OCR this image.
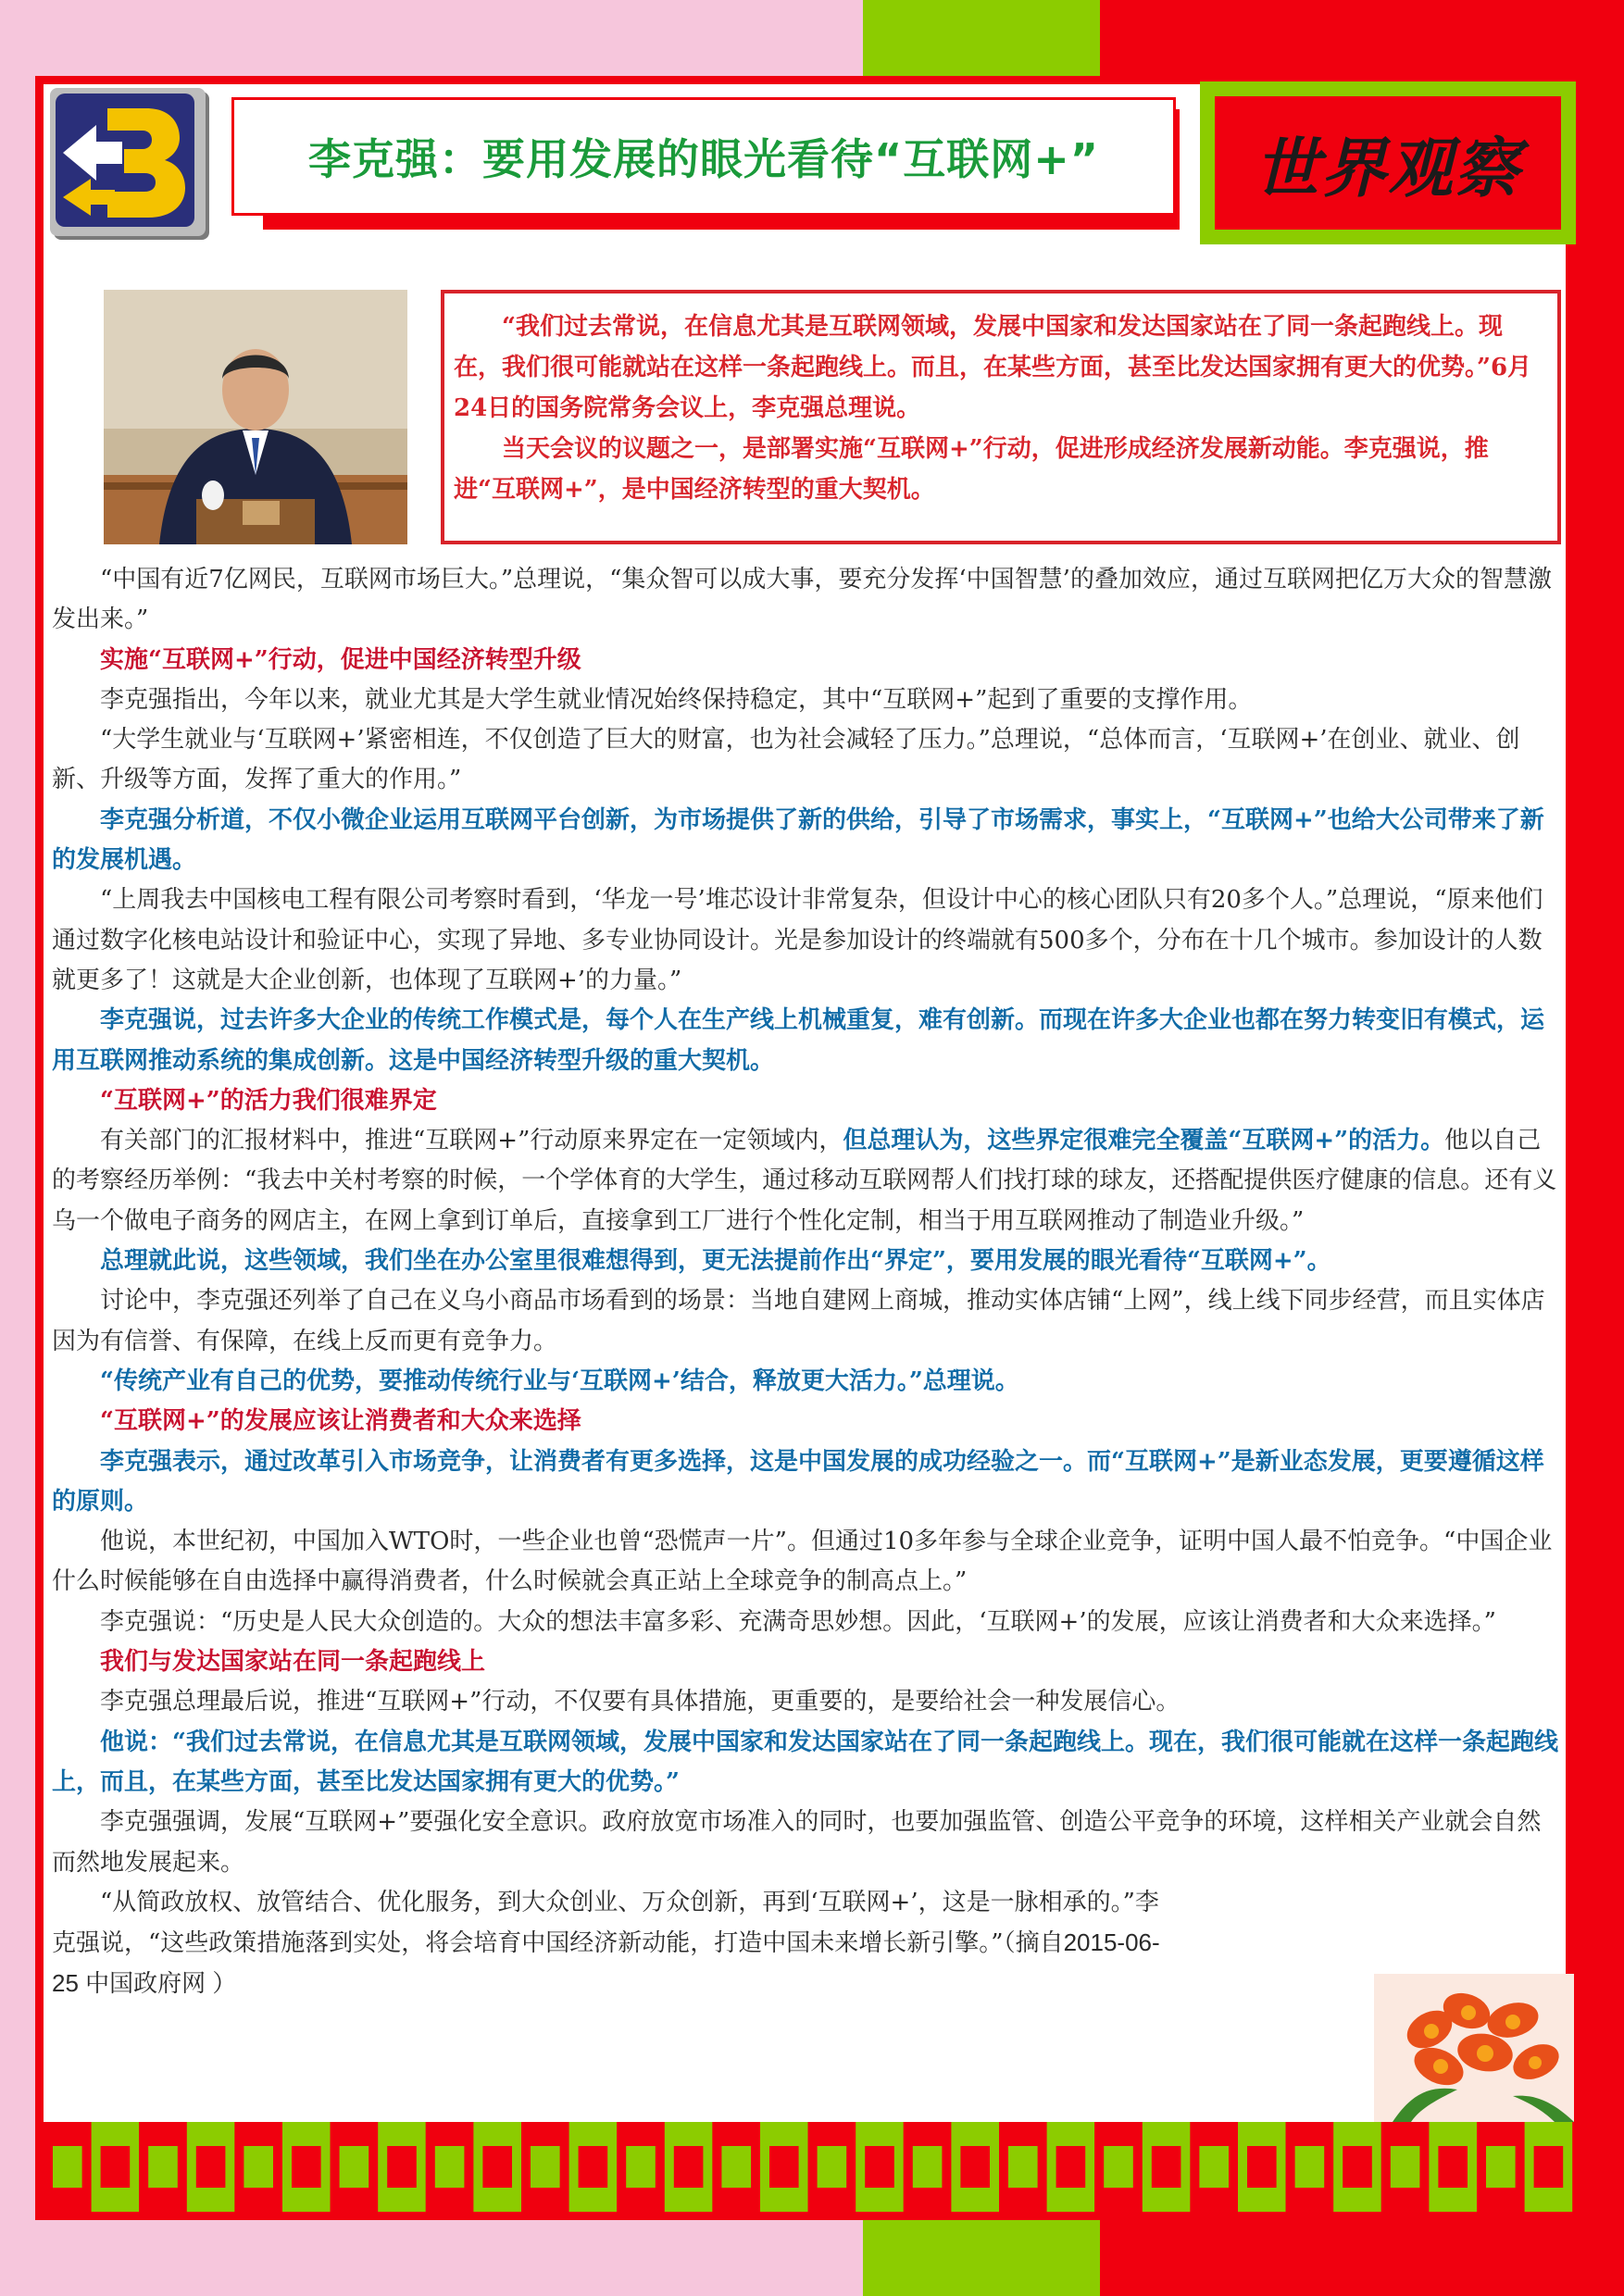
李克强：要用发展的眼光看待“互联网+” 世界观察

“我们过去常说，在信息尤其是互联网领域，发展中国家和发达国家站在了同一条起跑线上。现在，我们很可能就站在这样一条起跑线上。而且，在某些方面，甚至比发达国家拥有更大的优势。”6月24日的国务院常务会议上，李克强总理说。

当天会议的议题之一，是部署实施“互联网+”行动，促进形成经济发展新动能。李克强说，推进“互联网+”，是中国经济转型的重大契机。

“中国有近7亿网民，互联网市场巨大。”总理说，“集众智可以成大事，要充分发挥‘中国智慧’的叠加效应，通过互联网把亿万大众的智慧激发出来。”

实施“互联网+”行动，促进中国经济转型升级

李克强指出，今年以来，就业尤其是大学生就业情况始终保持稳定，其中“互联网+”起到了重要的支撑作用。

“大学生就业与‘互联网+’紧密相连，不仅创造了巨大的财富，也为社会减轻了压力。”总理说，“总体而言，‘互联网+’在创业、就业、创新、升级等方面，发挥了重大的作用。”

李克强分析道，不仅小微企业运用互联网平台创新，为市场提供了新的供给，引导了市场需求，事实上，“互联网+”也给大公司带来了新的发展机遇。

“上周我去中国核电工程有限公司考察时看到，‘华龙一号’堆芯设计非常复杂，但设计中心的核心团队只有20多个人。”总理说，“原来他们通过数字化核电站设计和验证中心，实现了异地、多专业协同设计。光是参加设计的终端就有500多个，分布在十几个城市。参加设计的人数就更多了！这就是大企业创新，也体现了互联网+’的力量。”

李克强说，过去许多大企业的传统工作模式是，每个人在生产线上机械重复，难有创新。而现在许多大企业也都在努力转变旧有模式，运用互联网推动系统的集成创新。这是中国经济转型升级的重大契机。

“互联网+”的活力我们很难界定

有关部门的汇报材料中，推进“互联网+”行动原来界定在一定领域内，但总理认为，这些界定很难完全覆盖“互联网+”的活力。他以自己的考察经历举例：“我去中关村考察的时候，一个学体育的大学生，通过移动互联网帮人们找打球的球友，还搭配提供医疗健康的信息。还有义乌一个做电子商务的网店主，在网上拿到订单后，直接拿到工厂进行个性化定制，相当于用互联网推动了制造业升级。”

总理就此说，这些领域，我们坐在办公室里很难想得到，更无法提前作出“界定”，要用发展的眼光看待“互联网+”。

讨论中，李克强还列举了自己在义乌小商品市场看到的场景：当地自建网上商城，推动实体店铺“上网”，线上线下同步经营，而且实体店因为有信誉、有保障，在线上反而更有竞争力。

“传统产业有自己的优势，要推动传统行业与‘互联网+’结合，释放更大活力。”总理说。

“互联网+”的发展应该让消费者和大众来选择

李克强表示，通过改革引入市场竞争，让消费者有更多选择，这是中国发展的成功经验之一。而“互联网+”是新业态发展，更要遵循这样的原则。

他说，本世纪初，中国加入WTO时，一些企业也曾“恐慌声一片”。但通过10多年参与全球企业竞争，证明中国人最不怕竞争。“中国企业什么时候能够在自由选择中赢得消费者，什么时候就会真正站上全球竞争的制高点上。”

李克强说：“历史是人民大众创造的。大众的想法丰富多彩、充满奇思妙想。因此，‘互联网+’的发展，应该让消费者和大众来选择。”

我们与发达国家站在同一条起跑线上

李克强总理最后说，推进“互联网+”行动，不仅要有具体措施，更重要的，是要给社会一种发展信心。

他说：“我们过去常说，在信息尤其是互联网领域，发展中国家和发达国家站在了同一条起跑线上。现在，我们很可能就在这样一条起跑线上，而且，在某些方面，甚至比发达国家拥有更大的优势。”

李克强强调，发展“互联网+”要强化安全意识。政府放宽市场准入的同时，也要加强监管、创造公平竞争的环境，这样相关产业就会自然而然地发展起来。

“从简政放权、放管结合、优化服务，到大众创业、万众创新，再到‘互联网+’，这是一脉相承的。”李
克强说，“这些政策措施落到实处，将会培育中国经济新动能，打造中国未来增长新引擎。”（摘自2015-06-

25 中国政府网 ）
